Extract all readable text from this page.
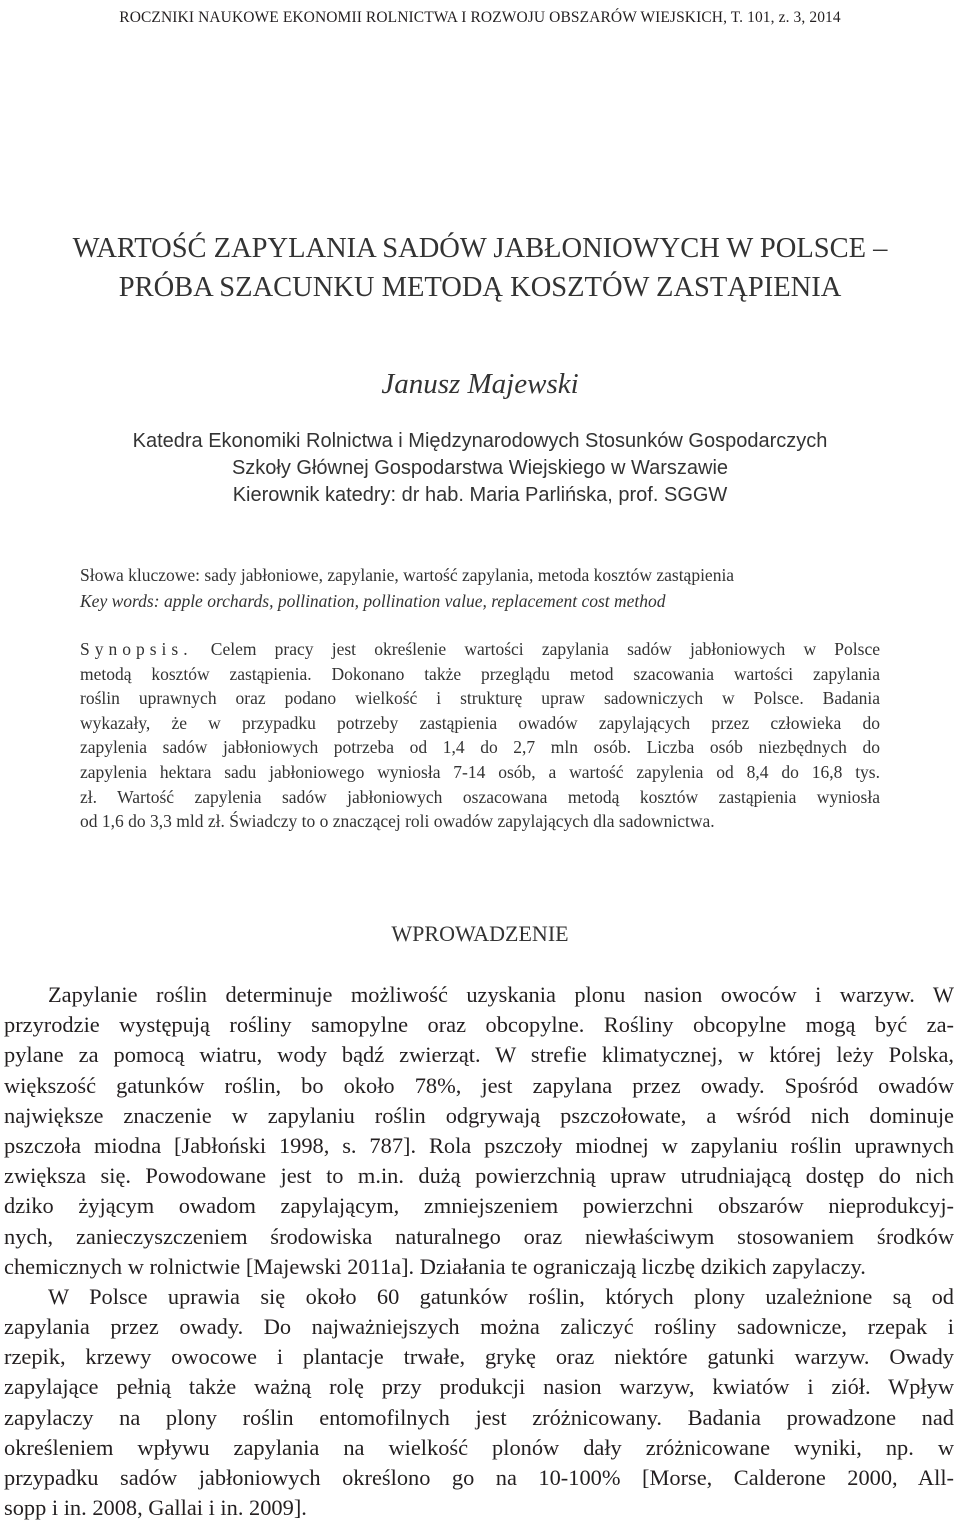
ROCZNIKI NAUKOWE EKONOMII ROLNICTWA I ROZWOJU OBSZARÓW WIEJSKICH, T. 101, z. 3, 2014
WARTOŚĆ ZAPYLANIA SADÓW JABŁONIOWYCH W POLSCE –
PRÓBA SZACUNKU METODĄ KOSZTÓW ZASTĄPIENIA
Janusz Majewski
Katedra Ekonomiki Rolnictwa i Międzynarodowych Stosunków Gospodarczych
Szkoły Głównej Gospodarstwa Wiejskiego w Warszawie
Kierownik katedry: dr hab. Maria Parlińska, prof. SGGW
Słowa kluczowe: sady jabłoniowe, zapylanie, wartość zapylania, metoda kosztów zastąpienia
Key words: apple orchards, pollination, pollination value, replacement cost method
Synopsis. Celem pracy jest określenie wartości zapylania sadów jabłoniowych w Polsce
metodą kosztów zastąpienia. Dokonano także przeglądu metod szacowania wartości zapylania
roślin uprawnych oraz podano wielkość i strukturę upraw sadowniczych w Polsce. Badania
wykazały, że w przypadku potrzeby zastąpienia owadów zapylających przez człowieka do
zapylenia sadów jabłoniowych potrzeba od 1,4 do 2,7 mln osób. Liczba osób niezbędnych do
zapylenia hektara sadu jabłoniowego wyniosła 7-14 osób, a wartość zapylenia od 8,4 do 16,8 tys.
zł. Wartość zapylenia sadów jabłoniowych oszacowana metodą kosztów zastąpienia wyniosła
od 1,6 do 3,3 mld zł. Świadczy to o znaczącej roli owadów zapylających dla sadownictwa.
WPROWADZENIE
Zapylanie roślin determinuje możliwość uzyskania plonu nasion owoców i warzyw. W
przyrodzie występują rośliny samopylne oraz obcopylne. Rośliny obcopylne mogą być za-
pylane za pomocą wiatru, wody bądź zwierząt. W strefie klimatycznej, w której leży Polska,
większość gatunków roślin, bo około 78%, jest zapylana przez owady. Spośród owadów
największe znaczenie w zapylaniu roślin odgrywają pszczołowate, a wśród nich dominuje
pszczoła miodna [Jabłoński 1998, s. 787]. Rola pszczoły miodnej w zapylaniu roślin uprawnych
zwiększa się. Powodowane jest to m.in. dużą powierzchnią upraw utrudniającą dostęp do nich
dziko żyjącym owadom zapylającym, zmniejszeniem powierzchni obszarów nieprodukcyj-
nych, zanieczyszczeniem środowiska naturalnego oraz niewłaściwym stosowaniem środków
chemicznych w rolnictwie [Majewski 2011a]. Działania te ograniczają liczbę dzikich zapylaczy.
W Polsce uprawia się około 60 gatunków roślin, których plony uzależnione są od
zapylania przez owady. Do najważniejszych można zaliczyć rośliny sadownicze, rzepak i
rzepik, krzewy owocowe i plantacje trwałe, grykę oraz niektóre gatunki warzyw. Owady
zapylające pełnią także ważną rolę przy produkcji nasion warzyw, kwiatów i ziół. Wpływ
zapylaczy na plony roślin entomofilnych jest zróżnicowany. Badania prowadzone nad
określeniem wpływu zapylania na wielkość plonów dały zróżnicowane wyniki, np. w
przypadku sadów jabłoniowych określono go na 10-100% [Morse, Calderone 2000, All-
sopp i in. 2008, Gallai i in. 2009].
